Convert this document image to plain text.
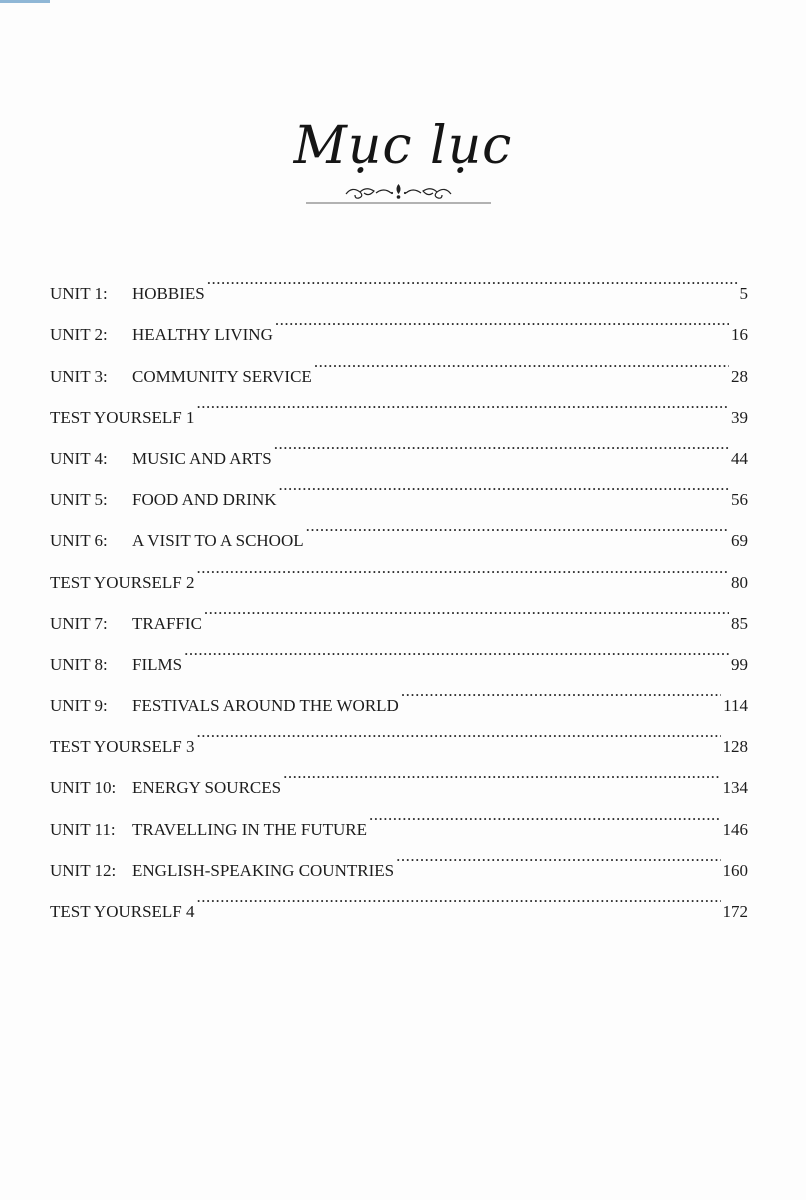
Mục lục
UNIT 1: HOBBIES .....	5
UNIT 2: HEALTHY LIVING .....	16
UNIT 3: COMMUNITY SERVICE .....	28
TEST YOURSELF 1 .....	39
UNIT 4: MUSIC AND ARTS .....	44
UNIT 5: FOOD AND DRINK .....	56
UNIT 6: A VISIT TO A SCHOOL .....	69
TEST YOURSELF 2 .....	80
UNIT 7: TRAFFIC .....	85
UNIT 8: FILMS .....	99
UNIT 9: FESTIVALS AROUND THE WORLD .....	114
TEST YOURSELF 3 .....	128
UNIT 10: ENERGY SOURCES .....	134
UNIT 11: TRAVELLING IN THE FUTURE .....	146
UNIT 12: ENGLISH-SPEAKING COUNTRIES .....	160
TEST YOURSELF 4 .....	172
